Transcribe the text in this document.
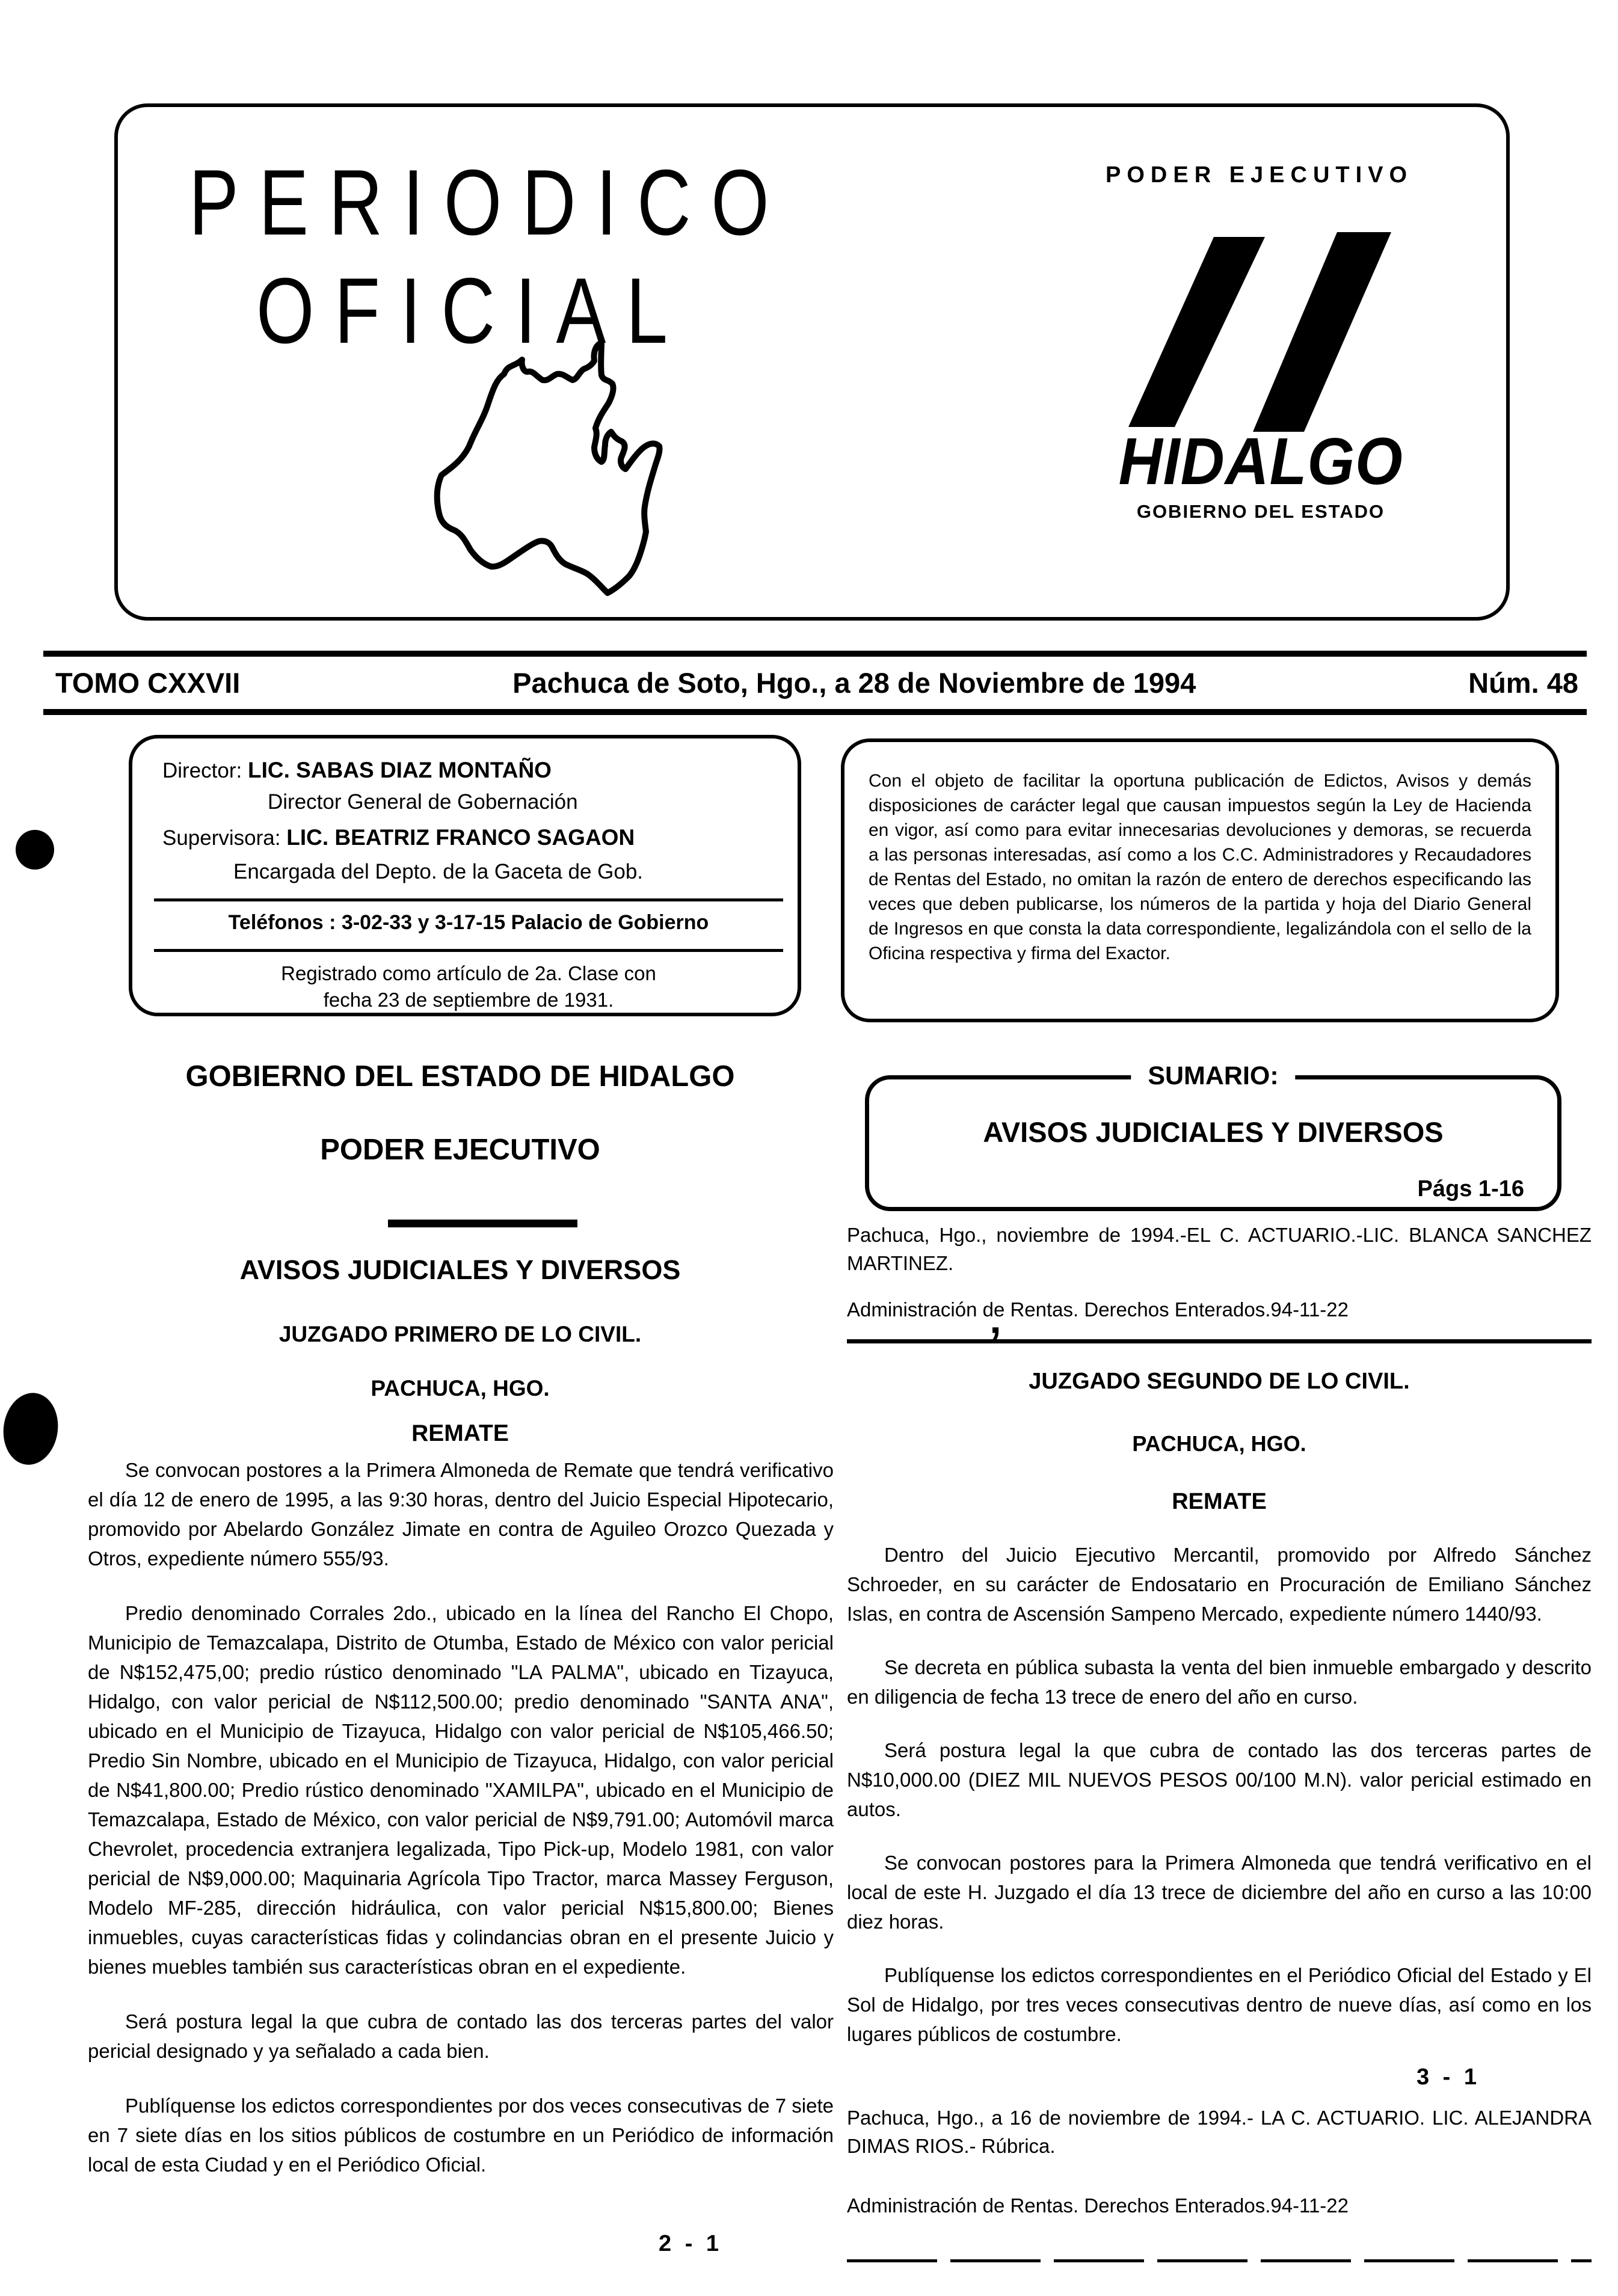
PERIODICO
OFICIAL
PODER EJECUTIVO
HIDALGO
GOBIERNO DEL ESTADO
TOMO CXXVII	Pachuca de Soto, Hgo., a 28 de Noviembre de 1994	Núm. 48
Director: LIC. SABAS DIAZ MONTAÑO
Director General de Gobernación
Supervisora: LIC. BEATRIZ FRANCO SAGAON
Encargada del Depto. de la Gaceta de Gob.
Teléfonos : 3-02-33 y 3-17-15 Palacio de Gobierno
Registrado como artículo de 2a. Clase con
fecha 23 de septiembre de 1931.
Con el objeto de facilitar la oportuna publicación de Edictos, Avisos y demás disposiciones de carácter legal que causan impuestos según la Ley de Hacienda en vigor, así como para evitar innecesarias devoluciones y demoras, se recuerda a las personas interesadas, así como a los C.C. Administradores y Recaudadores de Rentas del Estado, no omitan la razón de entero de derechos especificando las veces que deben publicarse, los números de la partida y hoja del Diario General de Ingresos en que consta la data correspondiente, legalizándola con el sello de la Oficina respectiva y firma del Exactor.
GOBIERNO DEL ESTADO DE HIDALGO
PODER EJECUTIVO
AVISOS JUDICIALES Y DIVERSOS
JUZGADO PRIMERO DE LO CIVIL.
PACHUCA, HGO.
REMATE

Se convocan postores a la Primera Almoneda de Remate que tendrá verificativo el día 12 de enero de 1995, a las 9:30 horas, dentro del Juicio Especial Hipotecario, promovido por Abelardo González Jimate en contra de Aguileo Orozco Quezada y Otros, expediente número 555/93.

Predio denominado Corrales 2do., ubicado en la línea del Rancho El Chopo, Municipio de Temazcalapa, Distrito de Otumba, Estado de México con valor pericial de N$152,475,00; predio rústico denominado "LA PALMA", ubicado en Tizayuca, Hidalgo, con valor pericial de N$112,500.00; predio denominado "SANTA ANA", ubicado en el Municipio de Tizayuca, Hidalgo con valor pericial de N$105,466.50; Predio Sin Nombre, ubicado en el Municipio de Tizayuca, Hidalgo, con valor pericial de N$41,800.00; Predio rústico denominado "XAMILPA", ubicado en el Municipio de Temazcalapa, Estado de México, con valor pericial de N$9,791.00; Automóvil marca Chevrolet, procedencia extranjera legalizada, Tipo Pick-up, Modelo 1981, con valor pericial de N$9,000.00; Maquinaria Agrícola Tipo Tractor, marca Massey Ferguson, Modelo MF-285, dirección hidráulica, con valor pericial N$15,800.00; Bienes inmuebles, cuyas características fidas y colindancias obran en el presente Juicio y bienes muebles también sus características obran en el expediente.

Será postura legal la que cubra de contado las dos terceras partes del valor pericial designado y ya señalado a cada bien.

Publíquense los edictos correspondientes por dos veces consecutivas de 7 siete en 7 siete días en los sitios públicos de costumbre en un Periódico de información local de esta Ciudad y en el Periódico Oficial.

2 - 1
SUMARIO:
AVISOS JUDICIALES Y DIVERSOS
Págs 1-16
Pachuca, Hgo., noviembre de 1994.-EL C. ACTUARIO.-LIC. BLANCA SANCHEZ MARTINEZ.
Administración de Rentas. Derechos Enterados.94-11-22
JUZGADO SEGUNDO DE LO CIVIL.
PACHUCA, HGO.
REMATE

Dentro del Juicio Ejecutivo Mercantil, promovido por Alfredo Sánchez Schroeder, en su carácter de Endosatario en Procuración de Emiliano Sánchez Islas, en contra de Ascensión Sampeno Mercado, expediente número 1440/93.

Se decreta en pública subasta la venta del bien inmueble embargado y descrito en diligencia de fecha 13 trece de enero del año en curso.

Será postura legal la que cubra de contado las dos terceras partes de N$10,000.00 (DIEZ MIL NUEVOS PESOS 00/100 M.N). valor pericial estimado en autos.

Se convocan postores para la Primera Almoneda que tendrá verificativo en el local de este H. Juzgado el día 13 trece de diciembre del año en curso a las 10:00 diez horas.

Publíquense los edictos correspondientes en el Periódico Oficial del Estado y El Sol de Hidalgo, por tres veces consecutivas dentro de nueve días, así como en los lugares públicos de costumbre.

3 - 1
Pachuca, Hgo., a 16 de noviembre de 1994.- LA C. ACTUARIO. LIC. ALEJANDRA DIMAS RIOS.- Rúbrica.
Administración de Rentas. Derechos Enterados.94-11-22
